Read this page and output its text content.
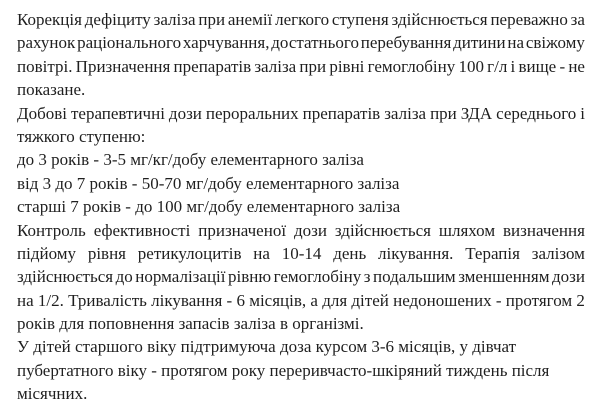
Корекція дефіциту заліза при анемії легкого ступеня здійснюється переважно за
рахунок раціонального харчування, достатнього перебування дитини на свіжому
повітрі. Призначення препаратів заліза при рівні гемоглобіну 100 г/л і вище - не
показане.
Добові терапевтичні дози пероральних препаратів заліза при ЗДА середнього і
тяжкого ступеню:
до 3 років - 3-5 мг/кг/добу елементарного заліза
від 3 до 7 років - 50-70 мг/добу елементарного заліза
старші 7 років - до 100 мг/добу елементарного заліза
Контроль ефективності призначеної дози здійснюється шляхом визначення
підйому рівня ретикулоцитів на 10-14 день лікування. Терапія залізом
здійснюється до нормалізації рівню гемоглобіну з подальшим зменшенням дози
на 1/2. Тривалість лікування - 6 місяців, а для дітей недоношених - протягом 2
років для поповнення запасів заліза в організмі.
У дітей старшого віку підтримуюча доза курсом 3-6 місяців, у дівчат
пубертатного віку - протягом року переривчасто-шкіряний тиждень після
місячних.
